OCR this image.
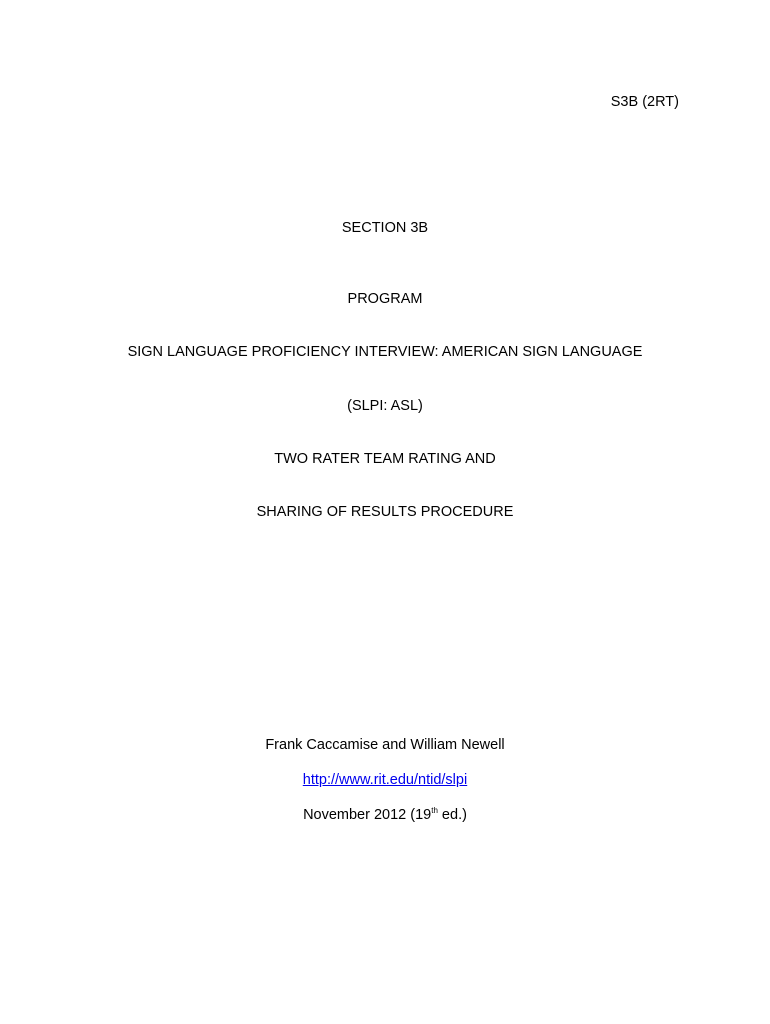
S3B (2RT)
SECTION 3B
PROGRAM
SIGN LANGUAGE PROFICIENCY INTERVIEW: AMERICAN SIGN LANGUAGE
(SLPI: ASL)
TWO RATER TEAM RATING AND
SHARING OF RESULTS PROCEDURE
Frank Caccamise and William Newell
http://www.rit.edu/ntid/slpi
November 2012 (19th ed.)
